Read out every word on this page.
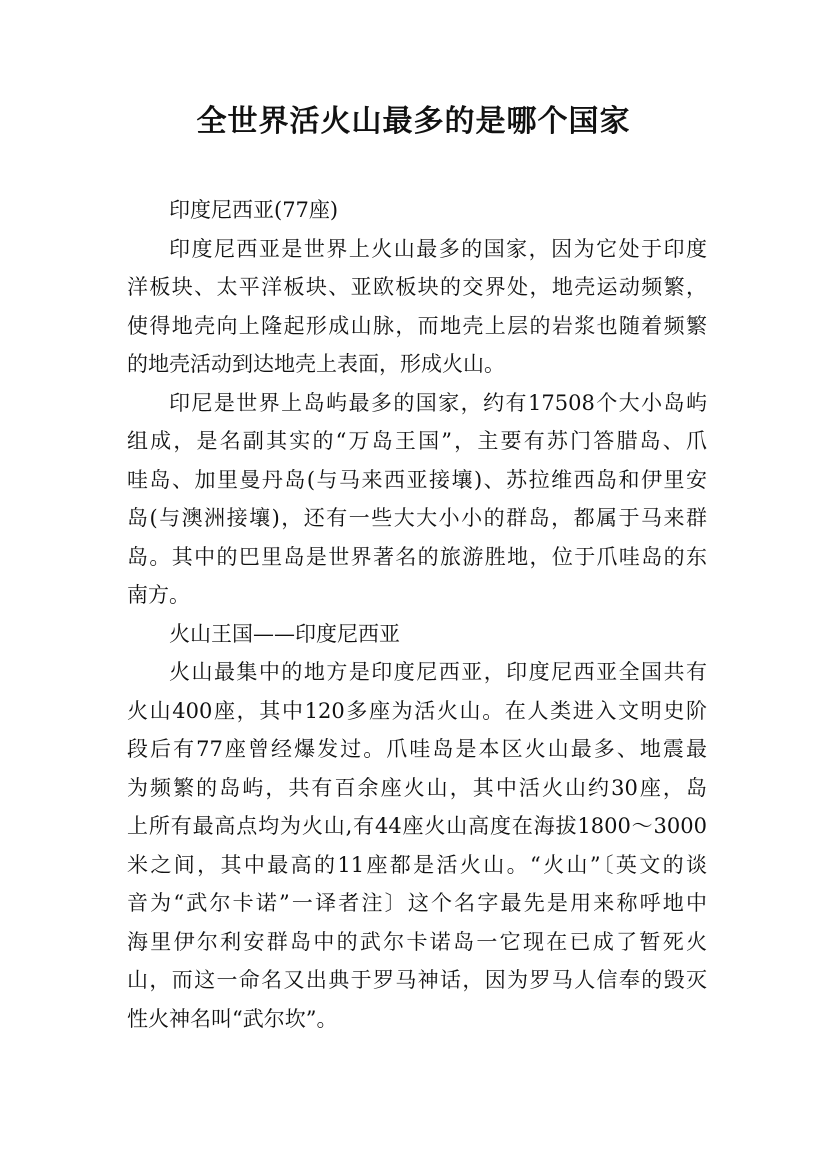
全世界活火山最多的是哪个国家
印度尼西亚(77座)
印度尼西亚是世界上火山最多的国家，因为它处于印度
洋板块、太平洋板块、亚欧板块的交界处，地壳运动频繁，
使得地壳向上隆起形成山脉，而地壳上层的岩浆也随着频繁
的地壳活动到达地壳上表面，形成火山。
印尼是世界上岛屿最多的国家，约有17508个大小岛屿
组成，是名副其实的“万岛王国”，主要有苏门答腊岛、爪
哇岛、加里曼丹岛(与马来西亚接壤)、苏拉维西岛和伊里安
岛(与澳洲接壤)，还有一些大大小小的群岛，都属于马来群
岛。其中的巴里岛是世界著名的旅游胜地，位于爪哇岛的东
南方。
火山王国——印度尼西亚
火山最集中的地方是印度尼西亚，印度尼西亚全国共有
火山400座，其中120多座为活火山。在人类进入文明史阶
段后有77座曾经爆发过。爪哇岛是本区火山最多、地震最
为频繁的岛屿，共有百余座火山，其中活火山约30座，岛
上所有最高点均为火山,有44座火山高度在海拔1800～3000
米之间，其中最高的11座都是活火山。“火山”〔英文的谈
音为“武尔卡诺”一译者注〕这个名字最先是用来称呼地中
海里伊尔利安群岛中的武尔卡诺岛一它现在已成了暂死火
山，而这一命名又出典于罗马神话，因为罗马人信奉的毁灭
性火神名叫“武尔坎”。
